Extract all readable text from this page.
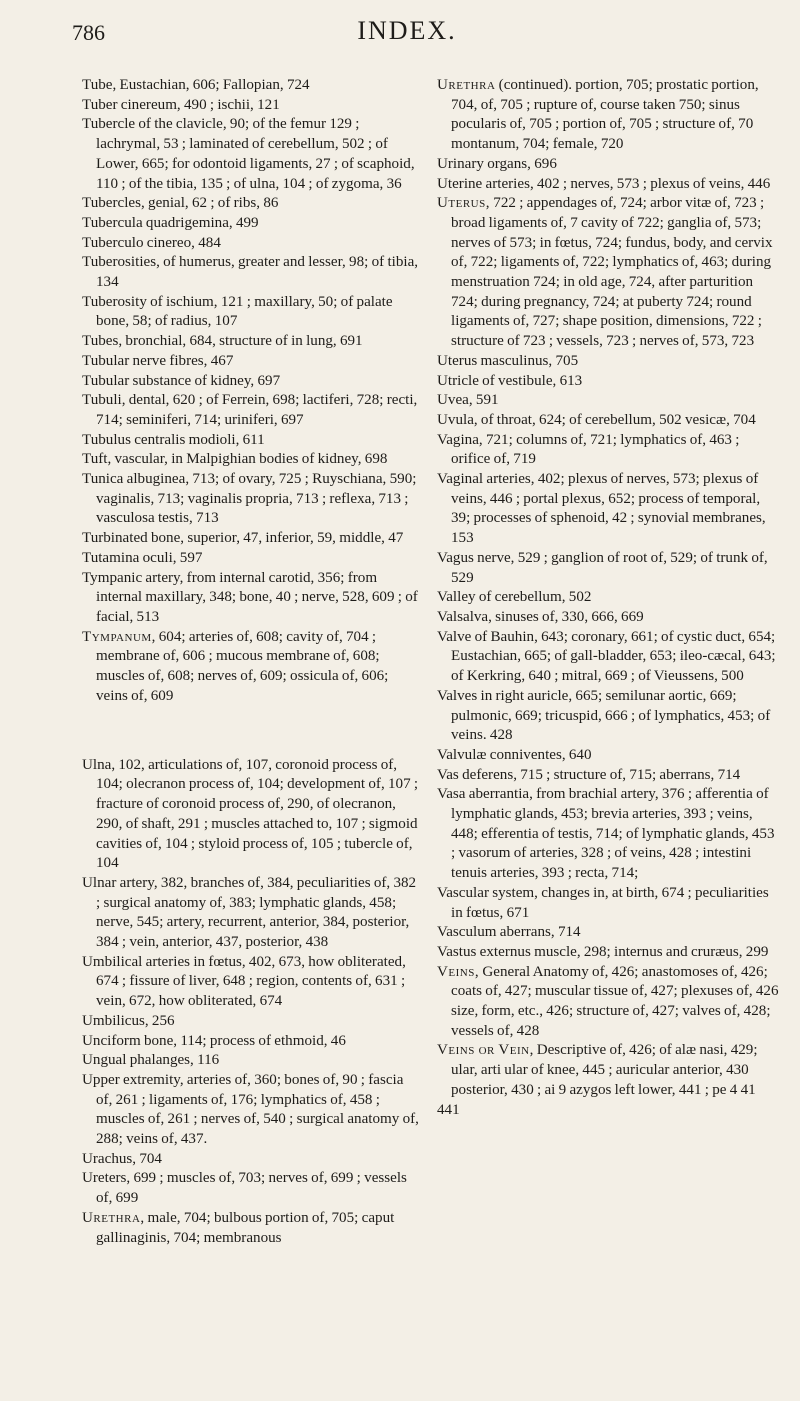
786	INDEX.

Tube, Eustachian, 606; Fallopian, 724

Tuber cinereum, 490 ; ischii, 121

Tubercle of the clavicle, 90; of the femur 129 ; lachrymal, 53 ; laminated of cerebellum, 502 ; of Lower, 665; for odontoid ligaments, 27 ; of scaphoid, 110 ; of the tibia, 135 ; of ulna, 104 ; of zygoma, 36

Tubercles, genial, 62 ; of ribs, 86

Tubercula quadrigemina, 499

Tuberculo cinereo, 484

Tuberosities, of humerus, greater and lesser, 98; of tibia, 134

Tuberosity of ischium, 121 ; maxillary, 50; of palate bone, 58; of radius, 107

Tubes, bronchial, 684, structure of in lung, 691

Tubular nerve fibres, 467

Tubular substance of kidney, 697

Tubuli, dental, 620 ; of Ferrein, 698; lactiferi, 728; recti, 714; seminiferi, 714; uriniferi, 697

Tubulus centralis modioli, 611

Tuft, vascular, in Malpighian bodies of kidney, 698

Tunica albuginea, 713; of ovary, 725 ; Ruyschiana, 590; vaginalis, 713; vaginalis propria, 713 ; reflexa, 713 ; vasculosa testis, 713

Turbinated bone, superior, 47, inferior, 59, middle, 47

Tutamina oculi, 597

Tympanic artery, from internal carotid, 356; from internal maxillary, 348; bone, 40 ; nerve, 528, 609 ; of facial, 513

Tympanum, 604; arteries of, 608; cavity of, 704 ; membrane of, 606 ; mucous membrane of, 608; muscles of, 608; nerves of, 609; ossicula of, 606; veins of, 609

Ulna, 102, articulations of, 107, coronoid process of, 104; olecranon process of, 104; development of, 107 ; fracture of coronoid process of, 290, of olecranon, 290, of shaft, 291 ; muscles attached to, 107 ; sigmoid cavities of, 104 ; styloid process of, 105 ; tubercle of, 104

Ulnar artery, 382, branches of, 384, peculiarities of, 382 ; surgical anatomy of, 383; lymphatic glands, 458; nerve, 545; artery, recurrent, anterior, 384, posterior, 384 ; vein, anterior, 437, posterior, 438

Umbilical arteries in fœtus, 402, 673, how obliterated, 674 ; fissure of liver, 648 ; region, contents of, 631 ; vein, 672, how obliterated, 674

Umbilicus, 256

Unciform bone, 114; process of ethmoid, 46

Ungual phalanges, 116

Upper extremity, arteries of, 360; bones of, 90 ; fascia of, 261 ; ligaments of, 176; lymphatics of, 458 ; muscles of, 261 ; nerves of, 540 ; surgical anatomy of, 288; veins of, 437.

Urachus, 704

Ureters, 699 ; muscles of, 703; nerves of, 699 ; vessels of, 699

Urethra, male, 704; bulbous portion of, 705; caput gallinaginis, 704; membranous

Urethra (continued). portion, 705; prostatic portion, 704, of, 705 ; rupture of, course taken 750; sinus pocularis of, 705 ; portion of, 705 ; structure of, 70 montanum, 704; female, 720

Urinary organs, 696

Uterine arteries, 402 ; nerves, 573 ; plexus of veins, 446

Uterus, 722 ; appendages of, 724; arbor vitæ of, 723 ; broad ligaments of, 7 cavity of 722; ganglia of, 573; nerves of 573; in fœtus, 724; fundus, body, and cervix of, 722; ligaments of, 722; lymphatics of, 463; during menstruation 724; in old age, 724, after parturition 724; during pregnancy, 724; at puberty 724; round ligaments of, 727; shape position, dimensions, 722 ; structure of 723 ; vessels, 723 ; nerves of, 573, 723

Uterus masculinus, 705

Utricle of vestibule, 613

Uvea, 591

Uvula, of throat, 624; of cerebellum, 502 vesicæ, 704

Vagina, 721; columns of, 721; lymphatics of, 463 ; orifice of, 719

Vaginal arteries, 402; plexus of nerves, 573; plexus of veins, 446 ; portal plexus, 652; process of temporal, 39; processes of sphenoid, 42 ; synovial membranes, 153

Vagus nerve, 529 ; ganglion of root of, 529; of trunk of, 529

Valley of cerebellum, 502

Valsalva, sinuses of, 330, 666, 669

Valve of Bauhin, 643; coronary, 661; of cystic duct, 654; Eustachian, 665; of gall-bladder, 653; ileo-cæcal, 643; of Kerkring, 640 ; mitral, 669 ; of Vieussens, 500

Valves in right auricle, 665; semilunar aortic, 669; pulmonic, 669; tricuspid, 666 ; of lymphatics, 453; of veins. 428

Valvulæ conniventes, 640

Vas deferens, 715 ; structure of, 715; aberrans, 714

Vasa aberrantia, from brachial artery, 376 ; afferentia of lymphatic glands, 453; brevia arteries, 393 ; veins, 448; efferentia of testis, 714; of lymphatic glands, 453 ; vasorum of arteries, 328 ; of veins, 428 ; intestini tenuis arteries, 393 ; recta, 714;

Vascular system, changes in, at birth, 674 ; peculiarities in fœtus, 671

Vasculum aberrans, 714

Vastus externus muscle, 298; internus and cruræus, 299

Veins, General Anatomy of, 426; anastomoses of, 426; coats of, 427; muscular tissue of, 427; plexuses of, 426 size, form, etc., 426; structure of, 427; valves of, 428; vessels of, 428

Veins or Vein, Descriptive of, 426; of alæ nasi, 429; ular, arti ular of knee, 445 ; auricular anterior, 430 posterior, 430 ; ai 9 azygos left lower, 441 ; pe 4 41

441
